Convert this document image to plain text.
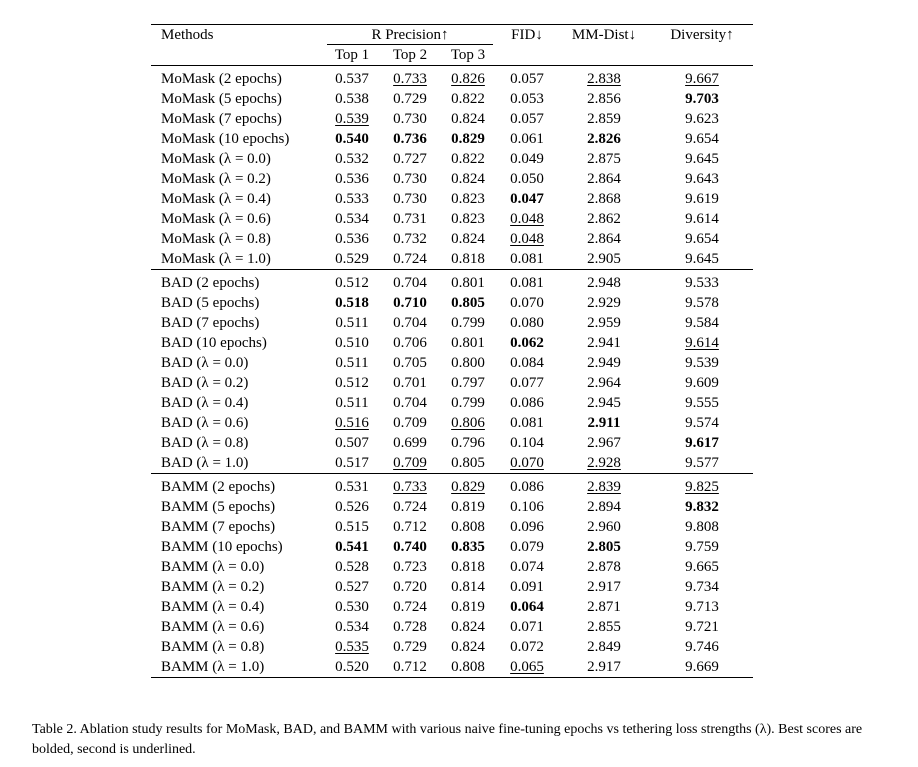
Methods	R Precision↑			FID↓	MM-Dist↓	Diversity↑
	Top 1	Top 2	Top 3			
MoMask (2 epochs)	0.537	0.733	0.826	0.057	2.838	9.667
MoMask (5 epochs)	0.538	0.729	0.822	0.053	2.856	9.703
MoMask (7 epochs)	0.539	0.730	0.824	0.057	2.859	9.623
MoMask (10 epochs)	0.540	0.736	0.829	0.061	2.826	9.654
MoMask (λ = 0.0)	0.532	0.727	0.822	0.049	2.875	9.645
MoMask (λ = 0.2)	0.536	0.730	0.824	0.050	2.864	9.643
MoMask (λ = 0.4)	0.533	0.730	0.823	0.047	2.868	9.619
MoMask (λ = 0.6)	0.534	0.731	0.823	0.048	2.862	9.614
MoMask (λ = 0.8)	0.536	0.732	0.824	0.048	2.864	9.654
MoMask (λ = 1.0)	0.529	0.724	0.818	0.081	2.905	9.645
BAD (2 epochs)	0.512	0.704	0.801	0.081	2.948	9.533
BAD (5 epochs)	0.518	0.710	0.805	0.070	2.929	9.578
BAD (7 epochs)	0.511	0.704	0.799	0.080	2.959	9.584
BAD (10 epochs)	0.510	0.706	0.801	0.062	2.941	9.614
BAD (λ = 0.0)	0.511	0.705	0.800	0.084	2.949	9.539
BAD (λ = 0.2)	0.512	0.701	0.797	0.077	2.964	9.609
BAD (λ = 0.4)	0.511	0.704	0.799	0.086	2.945	9.555
BAD (λ = 0.6)	0.516	0.709	0.806	0.081	2.911	9.574
BAD (λ = 0.8)	0.507	0.699	0.796	0.104	2.967	9.617
BAD (λ = 1.0)	0.517	0.709	0.805	0.070	2.928	9.577
BAMM (2 epochs)	0.531	0.733	0.829	0.086	2.839	9.825
BAMM (5 epochs)	0.526	0.724	0.819	0.106	2.894	9.832
BAMM (7 epochs)	0.515	0.712	0.808	0.096	2.960	9.808
BAMM (10 epochs)	0.541	0.740	0.835	0.079	2.805	9.759
BAMM (λ = 0.0)	0.528	0.723	0.818	0.074	2.878	9.665
BAMM (λ = 0.2)	0.527	0.720	0.814	0.091	2.917	9.734
BAMM (λ = 0.4)	0.530	0.724	0.819	0.064	2.871	9.713
BAMM (λ = 0.6)	0.534	0.728	0.824	0.071	2.855	9.721
BAMM (λ = 0.8)	0.535	0.729	0.824	0.072	2.849	9.746
BAMM (λ = 1.0)	0.520	0.712	0.808	0.065	2.917	9.669
Table 2. Ablation study results for MoMask, BAD, and BAMM with various naive fine-tuning epochs vs tethering loss strengths (λ). Best scores are bolded, second is underlined.
